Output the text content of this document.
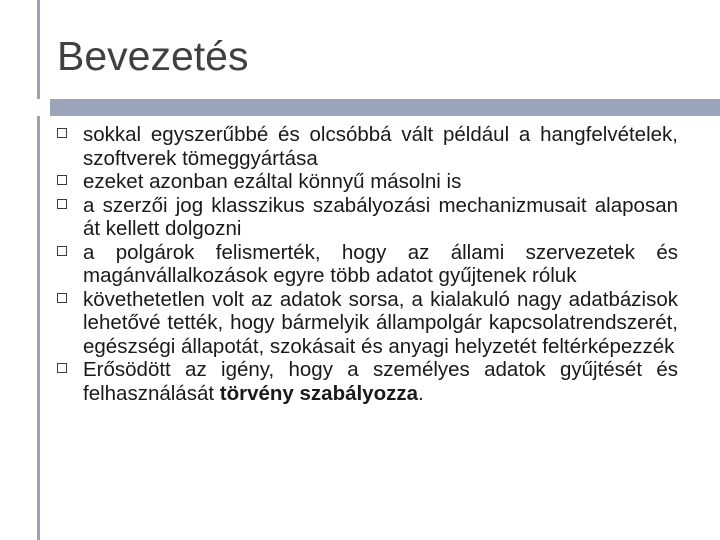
Bevezetés
sokkal egyszerűbbé és olcsóbbá vált például a hangfelvételek, szoftverek tömeggyártása
ezeket azonban ezáltal könnyű másolni is
a szerzői jog klasszikus szabályozási mechanizmusait alaposan át kellett dolgozni
a polgárok felismerték, hogy az állami szervezetek és magánvállalkozások egyre több adatot gyűjtenek róluk
követhetetlen volt az adatok sorsa, a kialakuló nagy adatbázisok lehetővé tették, hogy bármelyik állampolgár kapcsolatrendszerét, egészségi állapotát, szokásait és anyagi helyzetét feltérképezzék
Erősödött az igény, hogy a személyes adatok gyűjtését és felhasználását törvény szabályozza.
